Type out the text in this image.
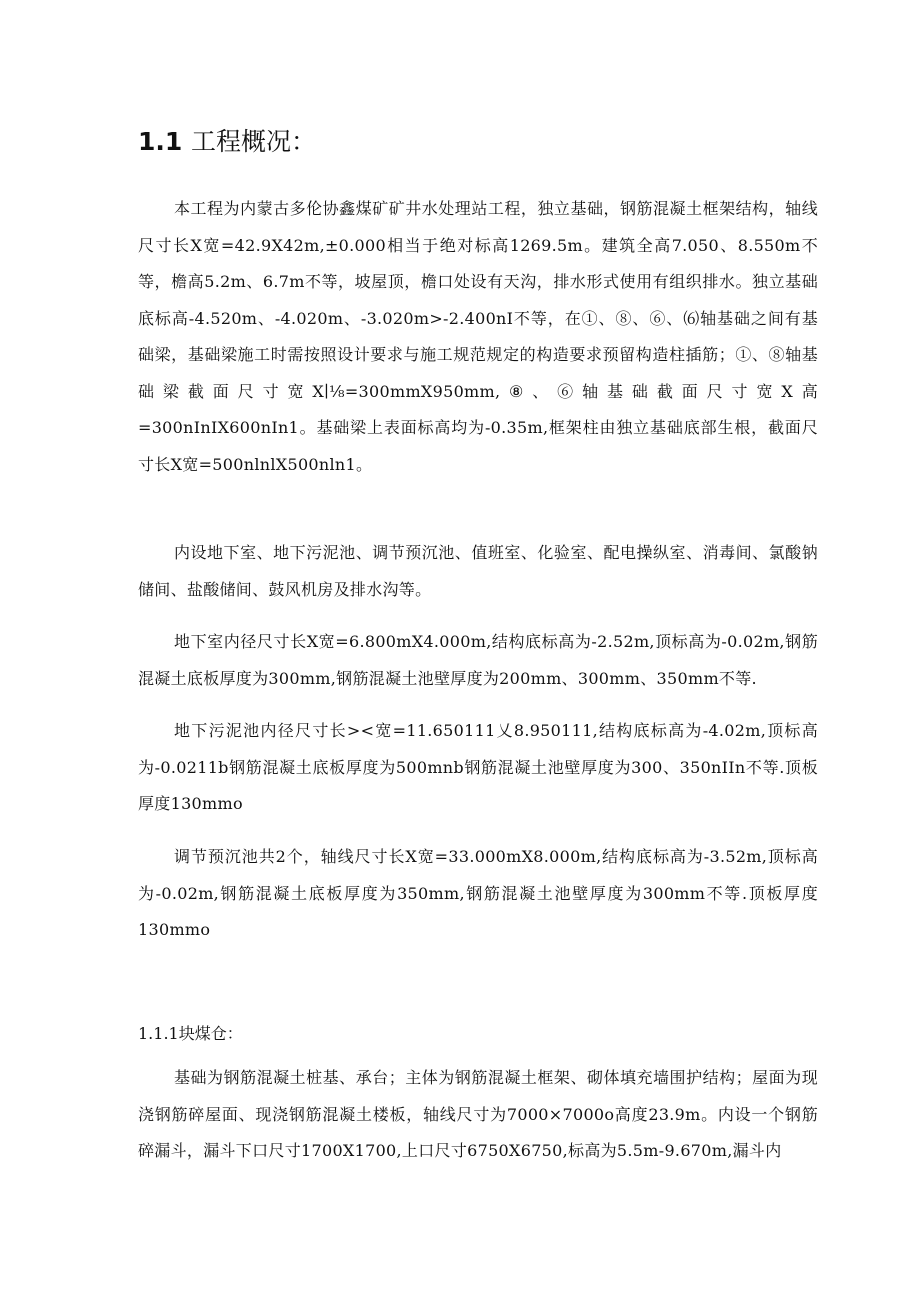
1.1 工程概况：

本工程为内蒙古多伦协鑫煤矿矿井水处理站工程，独立基础，钢筋混凝土框架结构，轴线尺寸长X宽=42.9X42m,±0.000相当于绝对标高1269.5m。建筑全高7.050、8.550m不等，檐高5.2m、6.7m不等，坡屋顶，檐口处设有天沟，排水形式使用有组织排水。独立基础底标高-4.520m、-4.020m、-3.020m>-2.400nI不等，在①、⑧、⑥、⑹轴基础之间有基础梁，基础梁施工时需按照设计要求与施工规范规定的构造要求预留构造柱插筋；①、⑧轴基础梁截面尺寸宽X∣⅛=300mmX950mm,⑧、⑥轴基础截面尺寸宽X高=300nInIX600nIn1。基础梁上表面标高均为-0.35m,框架柱由独立基础底部生根，截面尺寸长X宽=500nlnlX500nln1。

内设地下室、地下污泥池、调节预沉池、值班室、化验室、配电操纵室、消毒间、氯酸钠储间、盐酸储间、鼓风机房及排水沟等。

地下室内径尺寸长X宽=6.800mX4.000m,结构底标高为-2.52m,顶标高为-0.02m,钢筋混凝土底板厚度为300mm,钢筋混凝土池壁厚度为200mm、300mm、350mm不等.

地下污泥池内径尺寸长><宽=11.650111乂8.950111,结构底标高为-4.02m,顶标高为-0.0211b钢筋混凝土底板厚度为500mnb钢筋混凝土池壁厚度为300、350nIIn不等.顶板厚度130mmo

调节预沉池共2个，轴线尺寸长X宽=33.000mX8.000m,结构底标高为-3.52m,顶标高为-0.02m,钢筋混凝土底板厚度为350mm,钢筋混凝土池壁厚度为300mm不等.顶板厚度130mmo

1.1.1块煤仓：

基础为钢筋混凝土桩基、承台；主体为钢筋混凝土框架、砌体填充墙围护结构；屋面为现浇钢筋碎屋面、现浇钢筋混凝土楼板，轴线尺寸为7000×7000o高度23.9m。内设一个钢筋碎漏斗，漏斗下口尺寸1700X1700,上口尺寸6750X6750,标高为5.5m-9.670m,漏斗内
